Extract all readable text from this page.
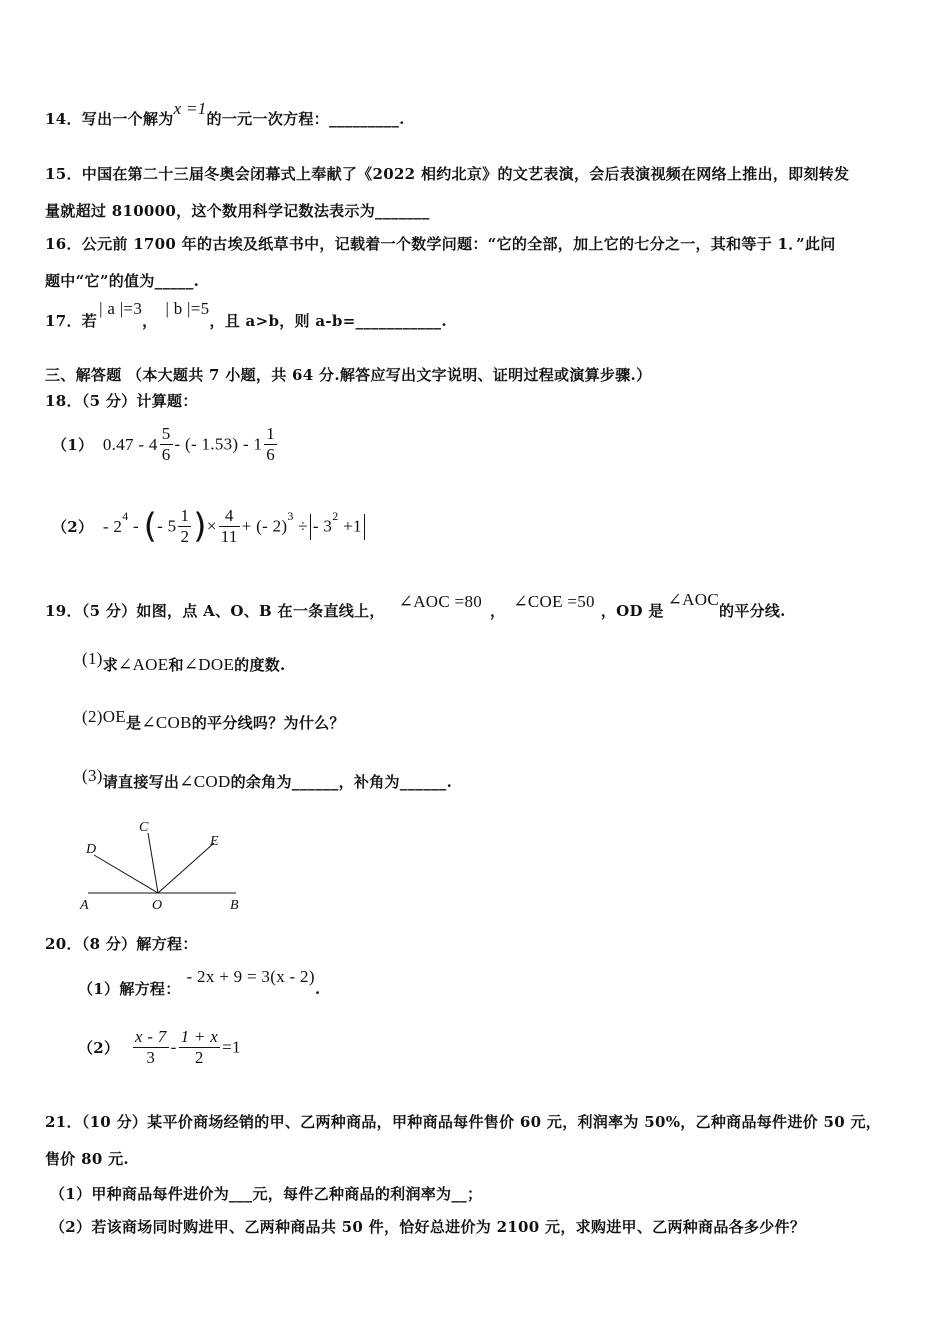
14．写出一个解为x =1的一元一次方程：_________.
15．中国在第二十三届冬奥会闭幕式上奉献了《2022 相约北京》的文艺表演，会后表演视频在网络上推出，即刻转发
量就超过 810000，这个数用科学记数法表示为_______
16．公元前 1700 年的古埃及纸草书中，记载着一个数学问题：“它的全部，加上它的七分之一，其和等于 1．”此问
题中“它”的值为_____.
17．若| a |=3，| b |=5，且 a>b，则 a-b=___________.
三、解答题 （本大题共 7 小题，共 64 分.解答应写出文字说明、证明过程或演算步骤.）
18．（5 分）计算题：
（1） $0.47 - 4 \frac{5}{6}$ - (- $1.53) - 1 \frac{1}{6}$
$(2) - 2^4$ - (- $5 \frac{1}{2}$ )× $\frac{4}{11}$ + (- 2)$^3$ ÷ - $3^2 +1$
19．（5 分）如图，点 A、O、B 在一条直线上， ∠AOC =80 ， ∠COE =50 ，OD 是∠AOC的平分线.
(1)求∠AOE和∠DOE的度数.
(2)OE是∠COB的平分线吗？为什么？
(3)请直接写出∠COD的余角为______，补角为______.
D
C
E
A	O	B
20．（8 分）解方程：
（1）解方程：- 2x + 9 = 3(x - 2).
$(2) \frac{x - 7}{3} - \frac{1 + x}{2} =1$
21．（10 分）某平价商场经销的甲、乙两种商品，甲种商品每件售价 60 元，利润率为 50%，乙种商品每件进价 50 元，
售价 80 元.
（1）甲种商品每件进价为___元，每件乙种商品的利润率为__；
（2）若该商场同时购进甲、乙两种商品共 50 件，恰好总进价为 2100 元，求购进甲、乙两种商品各多少件？
